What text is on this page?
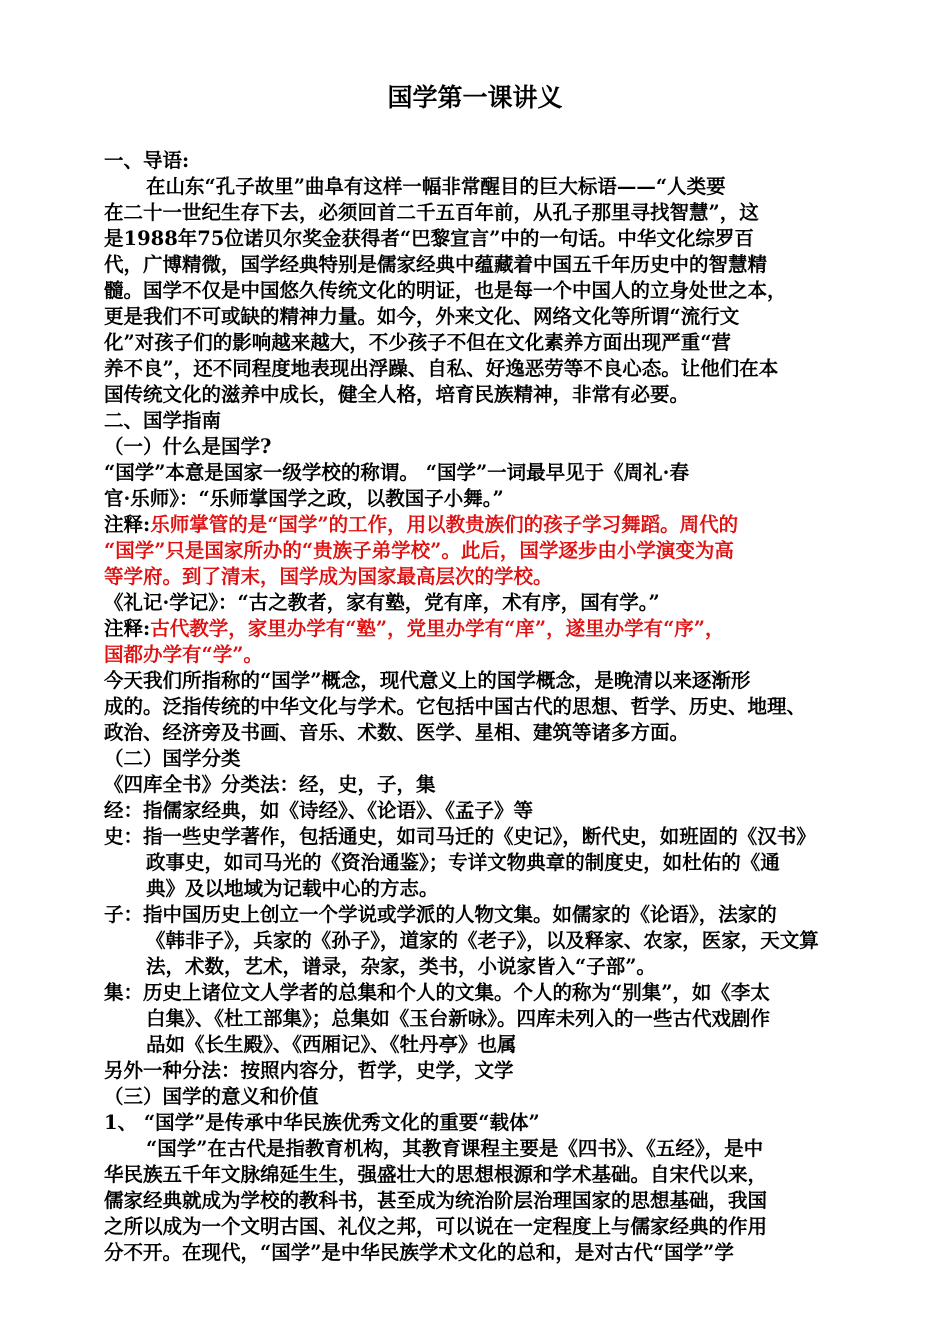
国学第一课讲义
一、导语:
在山东“孔子故里”曲阜有这样一幅非常醒目的巨大标语——“人类要
在二十一世纪生存下去，必须回首二千五百年前，从孔子那里寻找智慧”，这
是1988年75位诺贝尔奖金获得者“巴黎宣言”中的一句话。中华文化综罗百
代，广博精微，国学经典特别是儒家经典中蕴藏着中国五千年历史中的智慧精
髓。国学不仅是中国悠久传统文化的明证，也是每一个中国人的立身处世之本，
更是我们不可或缺的精神力量。如今，外来文化、网络文化等所谓“流行文
化”对孩子们的影响越来越大，不少孩子不但在文化素养方面出现严重“营
养不良”，还不同程度地表现出浮躁、自私、好逸恶劳等不良心态。让他们在本
国传统文化的滋养中成长，健全人格，培育民族精神，非常有必要。
二、国学指南
（一）什么是国学?
“国学”本意是国家一级学校的称谓。 “国学”一词最早见于《周礼·春
官·乐师》：“乐师掌国学之政，以教国子小舞。”
注释:乐师掌管的是“国学”的工作，用以教贵族们的孩子学习舞蹈。周代的
“国学”只是国家所办的“贵族子弟学校”。此后，国学逐步由小学演变为高
等学府。到了清末，国学成为国家最高层次的学校。
《礼记·学记》：“古之教者，家有塾，党有庠，术有序，国有学。”
注释:古代教学，家里办学有“塾”，党里办学有“庠”，遂里办学有“序”，
国都办学有“学”。
今天我们所指称的“国学”概念，现代意义上的国学概念，是晚清以来逐渐形
成的。泛指传统的中华文化与学术。它包括中国古代的思想、哲学、历史、地理、
政治、经济旁及书画、音乐、术数、医学、星相、建筑等诸多方面。
（二）国学分类
《四库全书》分类法：经，史，子，集
经：指儒家经典，如《诗经》、《论语》、《孟子》等
史：指一些史学著作，包括通史，如司马迁的《史记》，断代史，如班固的《汉书》
政事史，如司马光的《资治通鉴》；专详文物典章的制度史，如杜佑的《通
典》及以地域为记载中心的方志。
子：指中国历史上创立一个学说或学派的人物文集。如儒家的《论语》，法家的
《韩非子》，兵家的《孙子》，道家的《老子》，以及释家、农家，医家，天文算
法，术数，艺术，谱录，杂家，类书，小说家皆入“子部”。
集：历史上诸位文人学者的总集和个人的文集。个人的称为“别集”，如《李太
白集》、《杜工部集》；总集如《玉台新咏》。四库未列入的一些古代戏剧作
品如《长生殿》、《西厢记》、《牡丹亭》也属
另外一种分法：按照内容分，哲学，史学，文学
（三）国学的意义和价值
1、 “国学”是传承中华民族优秀文化的重要“载体”
“国学”在古代是指教育机构，其教育课程主要是《四书》、《五经》，是中
华民族五千年文脉绵延生生，强盛壮大的思想根源和学术基础。自宋代以来，
儒家经典就成为学校的教科书，甚至成为统治阶层治理国家的思想基础，我国
之所以成为一个文明古国、礼仪之邦，可以说在一定程度上与儒家经典的作用
分不开。在现代，“国学”是中华民族学术文化的总和，是对古代“国学”学
